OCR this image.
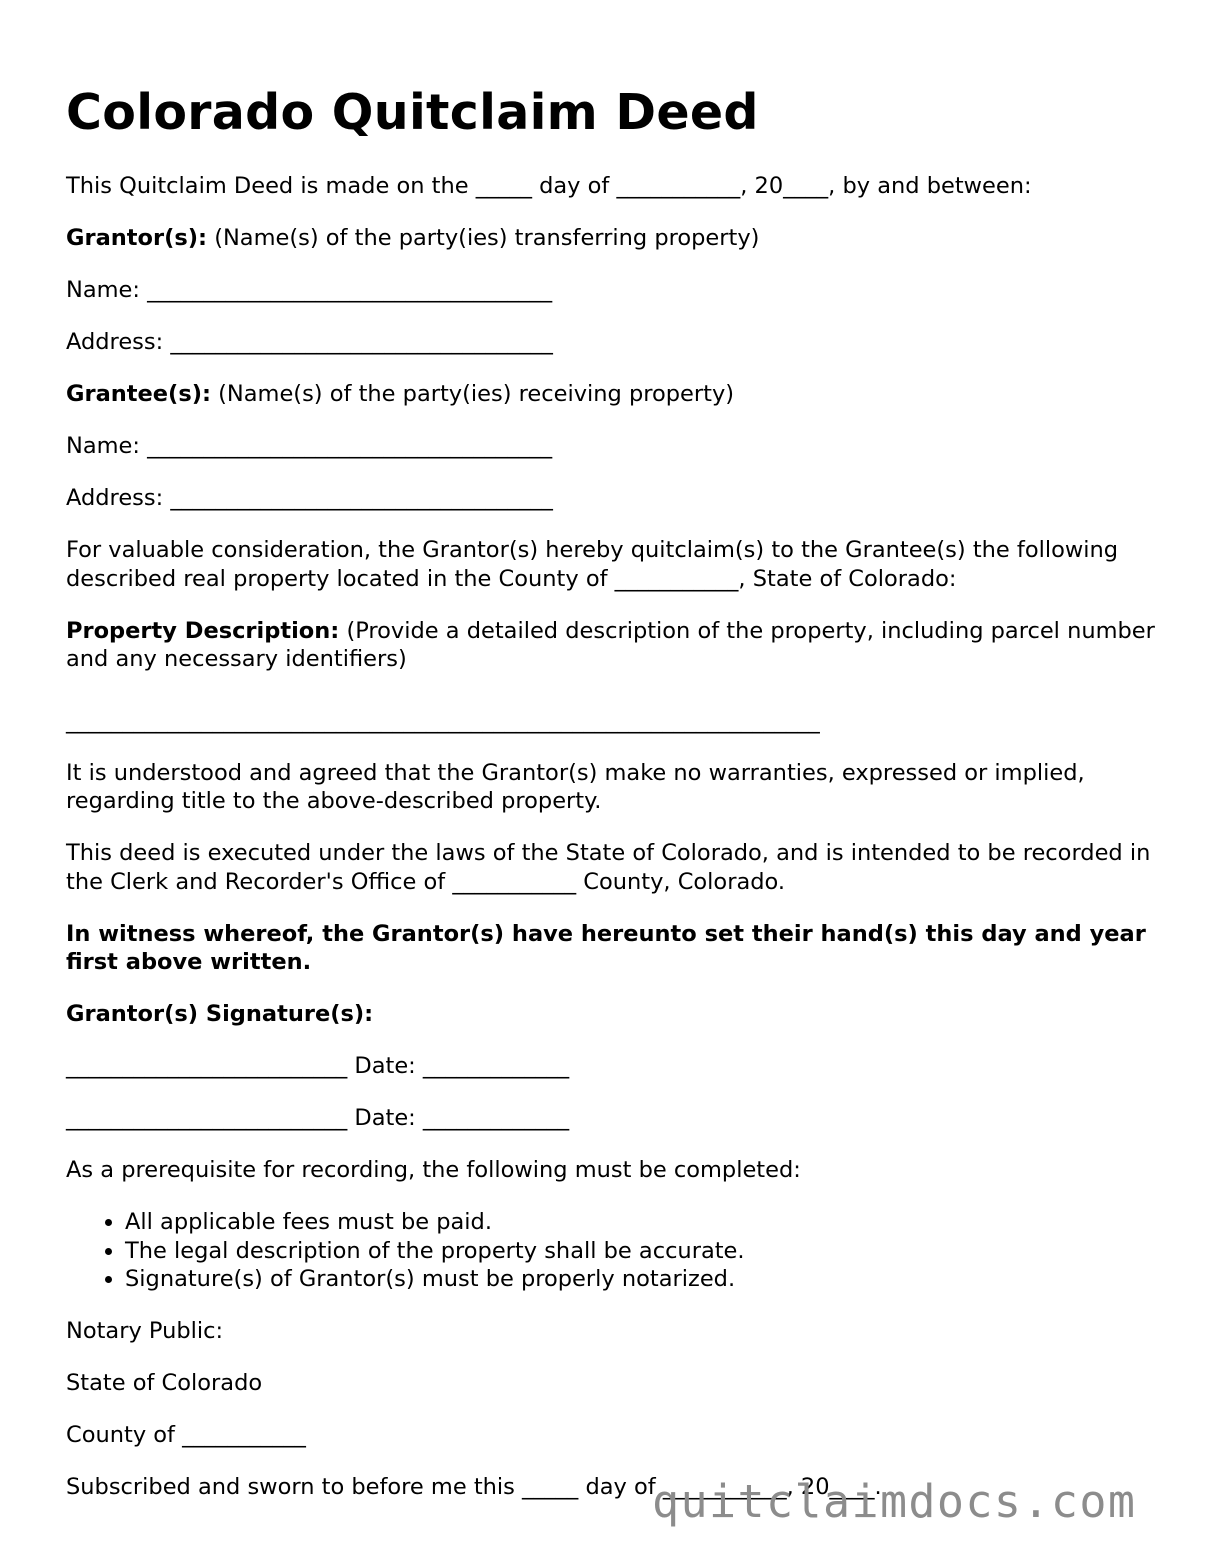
Colorado Quitclaim Deed

This Quitclaim Deed is made on the _____ day of ___________, 20____, by and between:

Grantor(s): (Name(s) of the party(ies) transferring property)

Name: ____________________________________

Address: __________________________________

Grantee(s): (Name(s) of the party(ies) receiving property)

Name: ____________________________________

Address: __________________________________

For valuable consideration, the Grantor(s) hereby quitclaim(s) to the Grantee(s) the following described real property located in the County of ___________, State of Colorado:

Property Description: (Provide a detailed description of the property, including parcel number and any necessary identifiers)

___________________________________________________________________

It is understood and agreed that the Grantor(s) make no warranties, expressed or implied, regarding title to the above-described property.

This deed is executed under the laws of the State of Colorado, and is intended to be recorded in the Clerk and Recorder's Office of ___________ County, Colorado.

In witness whereof, the Grantor(s) have hereunto set their hand(s) this day and year first above written.

Grantor(s) Signature(s):

_________________________ Date: _____________

_________________________ Date: _____________

As a prerequisite for recording, the following must be completed:

• All applicable fees must be paid.
• The legal description of the property shall be accurate.
• Signature(s) of Grantor(s) must be properly notarized.

Notary Public:

State of Colorado

County of ___________

Subscribed and sworn to before me this _____ day of ___________, 20____.

quitclaimdocs.com
